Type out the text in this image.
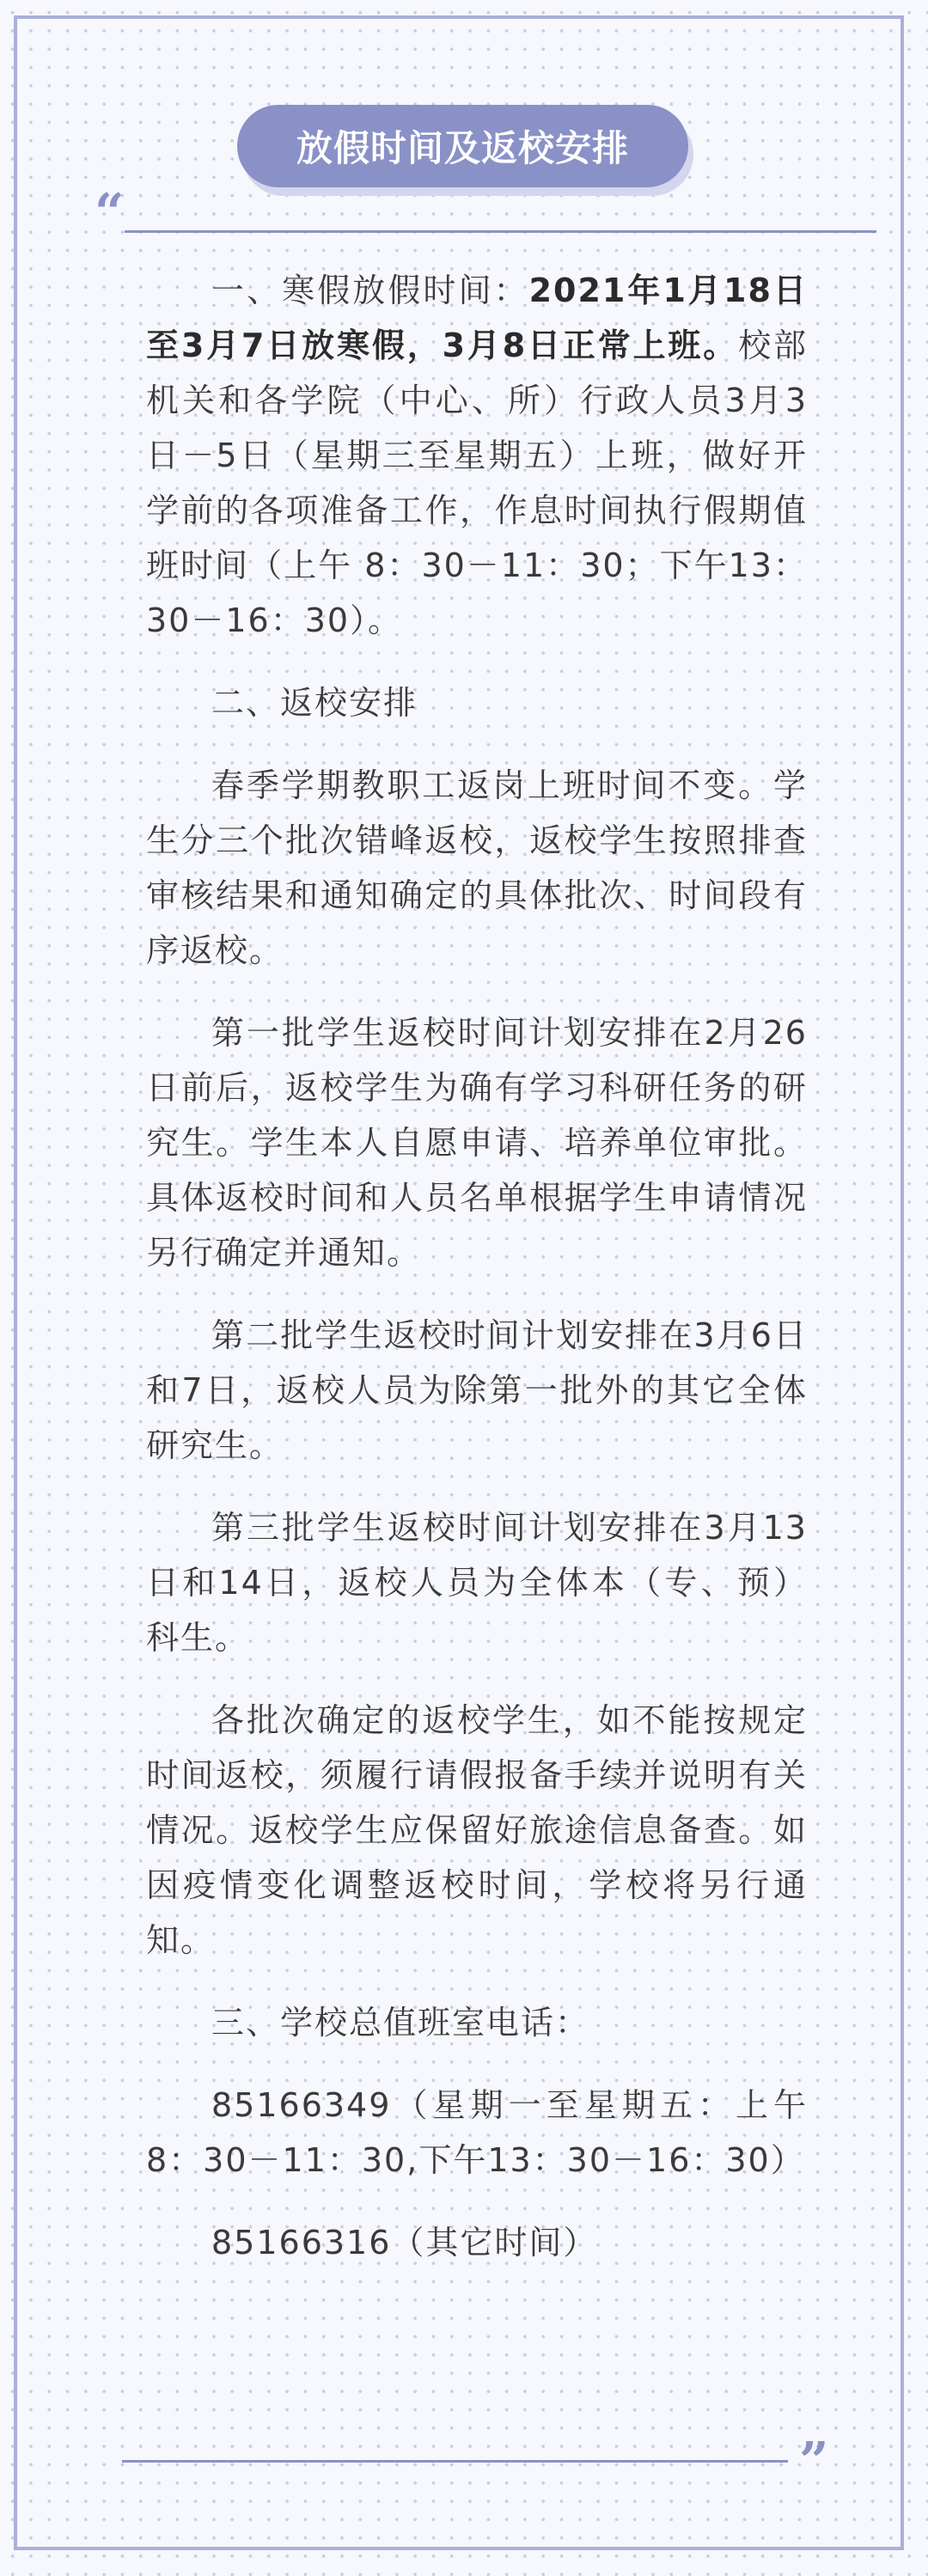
放假时间及返校安排
“

一、寒假放假时间：2021年1月18日至3月7日放寒假，3月8日正常上班。校部机关和各学院（中心、所）行政人员3月3日－5日（星期三至星期五）上班，做好开学前的各项准备工作，作息时间执行假期值班时间（上午 8：30－11：30；下午13：30－16：30）。

二、返校安排

春季学期教职工返岗上班时间不变。学生分三个批次错峰返校，返校学生按照排查审核结果和通知确定的具体批次、时间段有序返校。

第一批学生返校时间计划安排在2月26日前后，返校学生为确有学习科研任务的研究生。学生本人自愿申请、培养单位审批。具体返校时间和人员名单根据学生申请情况另行确定并通知。

第二批学生返校时间计划安排在3月6日和7日，返校人员为除第一批外的其它全体研究生。

第三批学生返校时间计划安排在3月13日和14日，返校人员为全体本（专、预）科生。

各批次确定的返校学生，如不能按规定时间返校，须履行请假报备手续并说明有关情况。返校学生应保留好旅途信息备查。如因疫情变化调整返校时间，学校将另行通知。

三、学校总值班室电话：

85166349（星期一至星期五：上午8：30－11：30,下午13：30－16：30）

85166316（其它时间）

”
